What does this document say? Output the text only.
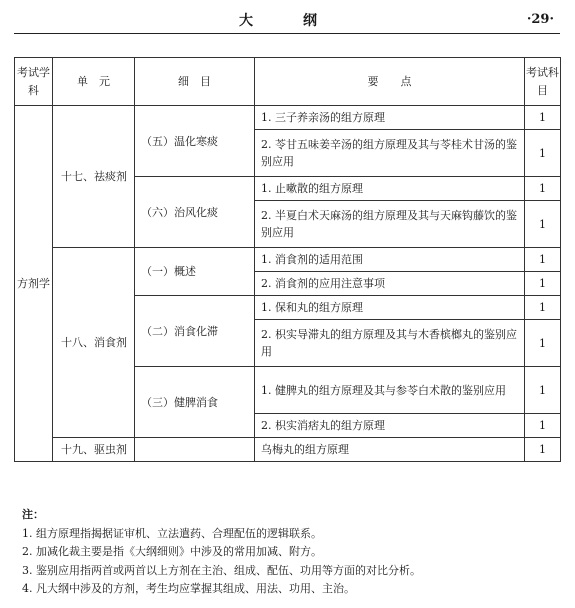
大　纲	·29·
考试学科	单　元	细　目	要　　点	考试科目
方剂学	十七、祛痰剂	（五）温化寒痰	1. 三子养亲汤的组方原理	1
			2. 苓甘五味姜辛汤的组方原理及其与苓桂术甘汤的鉴别应用	1
		（六）治风化痰	1. 止嗽散的组方原理	1
			2. 半夏白术天麻汤的组方原理及其与天麻钩藤饮的鉴别应用	1
	十八、消食剂	（一）概述	1. 消食剂的适用范围	1
			2. 消食剂的应用注意事项	1
		（二）消食化滞	1. 保和丸的组方原理	1
			2. 枳实导滞丸的组方原理及其与木香槟榔丸的鉴别应用	1
		（三）健脾消食	1. 健脾丸的组方原理及其与参苓白术散的鉴别应用	1
			2. 枳实消痞丸的组方原理	1
	十九、驱虫剂		乌梅丸的组方原理	1
注：
1. 组方原理指揭据证审机、立法遣药、合理配伍的逻辑联系。
2. 加减化裁主要是指《大纲细则》中涉及的常用加减、附方。
3. 鉴别应用指两首或两首以上方剂在主治、组成、配伍、功用等方面的对比分析。
4. 凡大纲中涉及的方剂，考生均应掌握其组成、用法、功用、主治。
